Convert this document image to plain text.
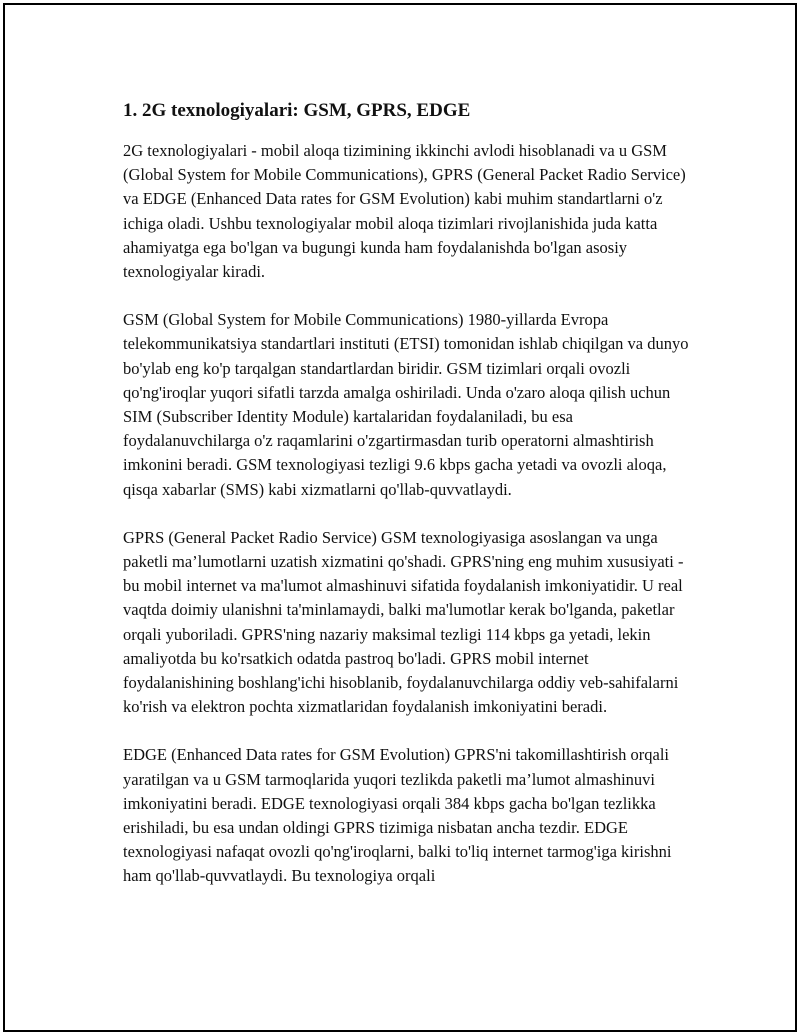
1. 2G texnologiyalari: GSM, GPRS, EDGE

2G texnologiyalari - mobil aloqa tizimining ikkinchi avlodi hisoblanadi va u GSM (Global System for Mobile Communications), GPRS (General Packet Radio Service) va EDGE (Enhanced Data rates for GSM Evolution) kabi muhim standartlarni o'z ichiga oladi. Ushbu texnologiyalar mobil aloqa tizimlari rivojlanishida juda katta ahamiyatga ega bo'lgan va bugungi kunda ham foydalanishda bo'lgan asosiy texnologiyalar kiradi.

GSM (Global System for Mobile Communications) 1980-yillarda Evropa telekommunikatsiya standartlari instituti (ETSI) tomonidan ishlab chiqilgan va dunyo bo'ylab eng ko'p tarqalgan standartlardan biridir. GSM tizimlari orqali ovozli qo'ng'iroqlar yuqori sifatli tarzda amalga oshiriladi. Unda o'zaro aloqa qilish uchun SIM (Subscriber Identity Module) kartalaridan foydalaniladi, bu esa foydalanuvchilarga o'z raqamlarini o'zgartirmasdan turib operatorni almashtirish imkonini beradi. GSM texnologiyasi tezligi 9.6 kbps gacha yetadi va ovozli aloqa, qisqa xabarlar (SMS) kabi xizmatlarni qo'llab-quvvatlaydi.

GPRS (General Packet Radio Service) GSM texnologiyasiga asoslangan va unga paketli ma’lumotlarni uzatish xizmatini qo'shadi. GPRS'ning eng muhim xususiyati - bu mobil internet va ma'lumot almashinuvi sifatida foydalanish imkoniyatidir. U real vaqtda doimiy ulanishni ta'minlamaydi, balki ma'lumotlar kerak bo'lganda, paketlar orqali yuboriladi. GPRS'ning nazariy maksimal tezligi 114 kbps ga yetadi, lekin amaliyotda bu ko'rsatkich odatda pastroq bo'ladi. GPRS mobil internet foydalanishining boshlang'ichi hisoblanib, foydalanuvchilarga oddiy veb-sahifalarni ko'rish va elektron pochta xizmatlaridan foydalanish imkoniyatini beradi.

EDGE (Enhanced Data rates for GSM Evolution) GPRS'ni takomillashtirish orqali yaratilgan va u GSM tarmoqlarida yuqori tezlikda paketli ma’lumot almashinuvi imkoniyatini beradi. EDGE texnologiyasi orqali 384 kbps gacha bo'lgan tezlikka erishiladi, bu esa undan oldingi GPRS tizimiga nisbatan ancha tezdir. EDGE texnologiyasi nafaqat ovozli qo'ng'iroqlarni, balki to'liq internet tarmog'iga kirishni ham qo'llab-quvvatlaydi. Bu texnologiya orqali
